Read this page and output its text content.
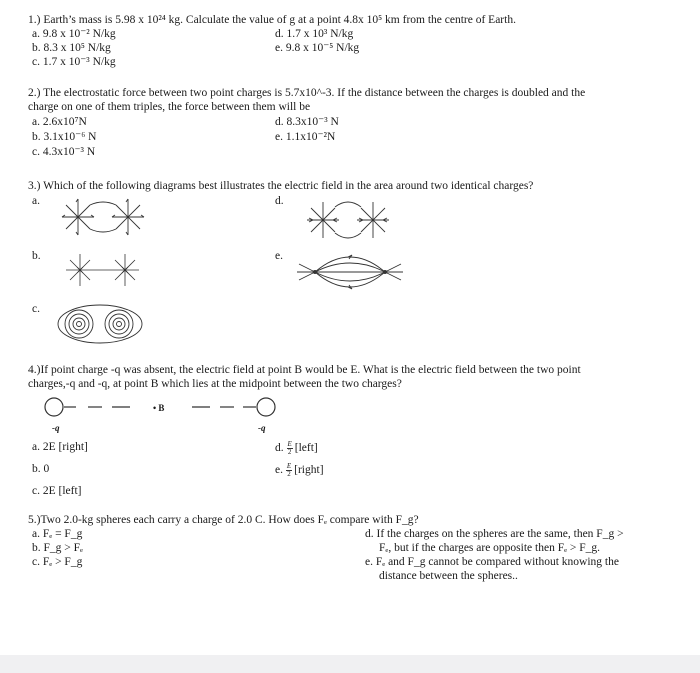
1.) Earth’s mass is 5.98 x 10²⁴ kg. Calculate the value of g at a point 4.8x 10⁵ km from the centre of Earth.
a. 9.8 x 10⁻² N/kg
b. 8.3 x 10⁵ N/kg
c. 1.7 x 10⁻³ N/kg
d. 1.7 x 10³ N/kg
e. 9.8 x 10⁻⁵ N/kg
2.) The electrostatic force between two point charges is 5.7x10^-3. If the distance between the charges is doubled and the
charge on one of them triples, the force between them will be
a. 2.6x10⁷N
b. 3.1x10⁻⁶ N
c. 4.3x10⁻³ N
d. 8.3x10⁻³ N
e. 1.1x10⁻²N
3.) Which of the following diagrams best illustrates the electric field in the area around two identical charges?
a.	d.
b.	e.
c.
4.)If point charge -q was absent, the electric field at point B would be E. What is the electric field between the two point
charges,-q and -q, at point B which lies at the midpoint between the two charges?
• B
-q	-q
a. 2E [right]
b. 0
c. 2E [left]
d. $\frac{E}{2}$ [left]
e. $\frac{E}{2}$ [right]
5.)Two 2.0-kg spheres each carry a charge of 2.0 C. How does Fₑ compare with F_g?
a. Fₑ = F_g
b. F_g > Fₑ
c. Fₑ > F_g
d. If the charges on the spheres are the same, then F_g >
Fₑ, but if the charges are opposite then Fₑ > F_g.
e. Fₑ and F_g cannot be compared without knowing the
distance between the spheres..
